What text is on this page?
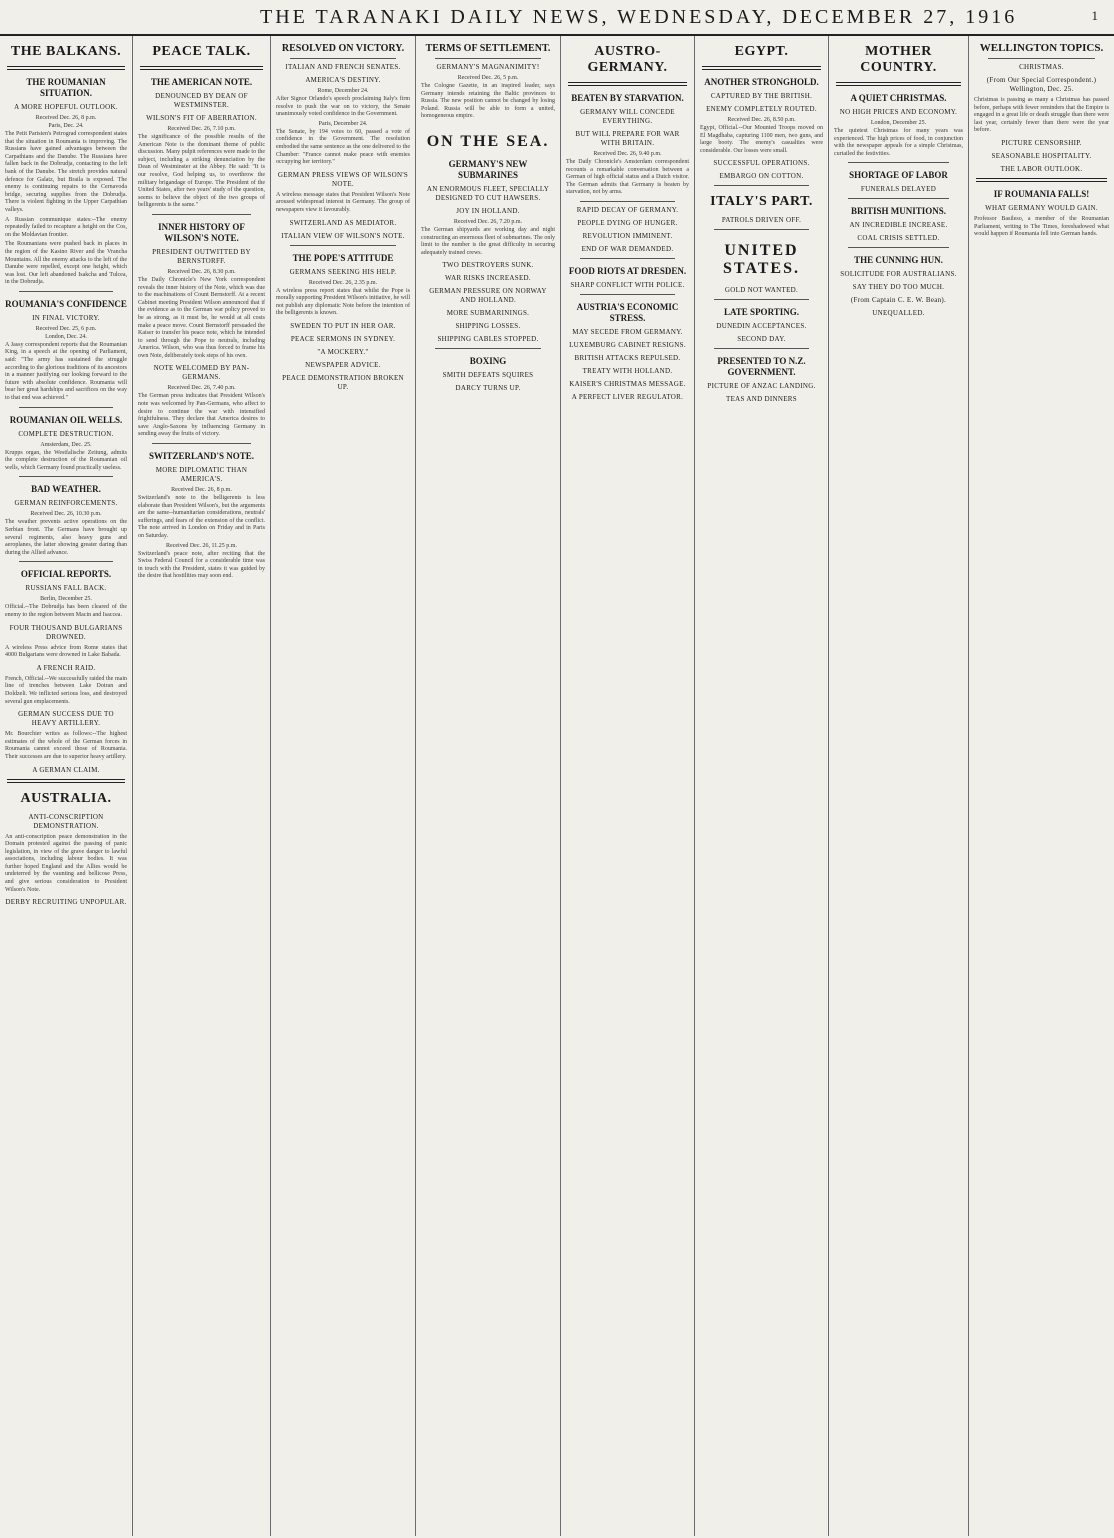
THE TARANAKI DAILY NEWS, WEDNESDAY, DECEMBER 27, 1916	1
THE BALKANS.
THE ROUMANIAN SITUATION.
A MORE HOPEFUL OUTLOOK.
Received Dec. 26, 8 p.m.
Paris, Dec. 24.

The Petit Parisien's Petrograd correspondent states that the situation in Roumania is improving. The Russians have gained advantages between the Carpathians and the Danube. The Russians have fallen back in the Dobrudja, contacting to the left bank of the Danube. The stretch provides natural defence for Galatz, but Braila is exposed. The enemy is continuing repairs to the Cernavoda bridge, securing supplies from the Dobrudja. There is violent fighting in the Upper Carpathian valleys.

A Russian communique states:--The enemy repeatedly failed to recapture a height on the Cos, on the Moldavian frontier.

The Roumanians were pushed back in places in the region of the Kasino River and the Vrancha Mountains. All the enemy attacks to the left of the Danube were repelled, except one height, which was lost. Our left abandoned Isakcha and Tulcea, in the Dobrudja.

ROUMANIA'S CONFIDENCE
IN FINAL VICTORY.
Received Dec. 25, 6 p.m.
London, Dec. 24.

A Jassy correspondent reports that the Roumanian King, in a speech at the opening of Parliament, said: "The army has sustained the struggle according to the glorious traditions of its ancestors in a manner justifying our looking forward to the future with absolute confidence. Roumania will bear her great hardships and sacrifices on the way to that end was achieved."

ROUMANIAN OIL WELLS.
COMPLETE DESTRUCTION.
Amsterdam, Dec. 25.

Krupps organ, the Westfalische Zeitung, admits the complete destruction of the Roumanian oil wells, which Germany found practically useless.

BAD WEATHER.
GERMAN REINFORCEMENTS.
Received Dec. 26, 10.30 p.m.

The weather prevents active operations on the Serbian front. The Germans have brought up several regiments, also heavy guns and aeroplanes, the latter showing greater daring than during the Allied advance.

OFFICIAL REPORTS.
RUSSIANS FALL BACK.
Berlin, December 25.

Official.--The Dobrudja has been cleared of the enemy to the region between Macin and Isaccea.

FOUR THOUSAND BULGARIANS DROWNED.

A wireless Press advice from Rome states that 4000 Bulgarians were drowned in Lake Babada.

A FRENCH RAID.

French, Official.--We successfully raided the main line of trenches between Lake Doiran and Doldzeli. We inflicted serious loss, and destroyed several gun emplacements.

GERMAN SUCCESS DUE TO HEAVY ARTILLERY.

Mr. Bourchier writes as follows:--The highest estimates of the whole of the German forces in Roumania cannot exceed those of Roumania. Their successes are due to superior heavy artillery.

A GERMAN CLAIM.
AUSTRALIA.
ANTI-CONSCRIPTION DEMONSTRATION.

An anti-conscription peace demonstration in the Domain protested against the passing of panic legislation, in view of the grave danger to lawful associations, including labour bodies. It was further hoped England and the Allies would be undeterred by the vaunting and bellicose Press, and give serious consideration to President Wilson's Note.

DERBY RECRUITING UNPOPULAR.
PEACE TALK.
THE AMERICAN NOTE.
DENOUNCED BY DEAN OF WESTMINSTER.
WILSON'S FIT OF ABERRATION.
Received Dec. 26, 7.10 p.m.

The significance of the possible results of the American Note is the dominant theme of public discussion. Many pulpit references were made to the subject, including a striking denunciation by the Dean of Westminster at the Abbey. He said: "It is our resolve, God helping us, to overthrow the military brigandage of Europe. The President of the United States, after two years' study of the question, seems to believe the object of the two groups of belligerents is the same."

INNER HISTORY OF WILSON'S NOTE.
PRESIDENT OUTWITTED BY BERNSTORFF.
Received Dec. 26, 8.30 p.m.

The Daily Chronicle's New York correspondent reveals the inner history of the Note, which was due to the machinations of Count Bernstorff. At a recent Cabinet meeting President Wilson announced that if the evidence as to the German war policy proved to be as strong, as it must be, he would at all costs make a peace move. Count Bernstorff persuaded the Kaiser to transfer his peace note, which he intended to send through the Pope to neutrals, including America. Wilson, who was thus forced to frame his own Note, deliberately took steps of his own.

NOTE WELCOMED BY PAN-GERMANS.
Received Dec. 26, 7.40 p.m.

The German press indicates that President Wilson's note was welcomed by Pan-Germans, who affect to desire to continue the war with intensified frightfulness. They declare that America desires to save Anglo-Saxons by influencing Germany in sending away the fruits of victory.

SWITZERLAND'S NOTE.
MORE DIPLOMATIC THAN AMERICA'S.
Received Dec. 26, 8 p.m.

Switzerland's note to the belligerents is less elaborate than President Wilson's, but the arguments are the same--humanitarian considerations, neutrals' sufferings, and fears of the extension of the conflict. The note arrived in London on Friday and in Paris on Saturday.

Received Dec. 26, 11.25 p.m.

Switzerland's peace note, after reciting that the Swiss Federal Council for a considerable time was in touch with the President, states it was guided by the desire that hostilities may soon end.

RESOLVED ON VICTORY.
ITALIAN AND FRENCH SENATES.
AMERICA'S DESTINY.
Rome, December 24.

After Signor Orlando's speech proclaiming Italy's firm resolve to push the war on to victory, the Senate unanimously voted confidence in the Government.

Paris, December 24.

The Senate, by 194 votes to 60, passed a vote of confidence in the Government. The resolution embodied the same sentence as the one delivered to the Chamber: "France cannot make peace with enemies occupying her territory."

GERMAN PRESS VIEWS OF WILSON'S NOTE.

A wireless message states that President Wilson's Note aroused widespread interest in Germany. The group of newspapers view it favourably.

SWITZERLAND AS MEDIATOR.
ITALIAN VIEW OF WILSON'S NOTE.
THE POPE'S ATTITUDE
GERMANS SEEKING HIS HELP.
Received Dec. 26, 2.35 p.m.

A wireless press report states that whilst the Pope is morally supporting President Wilson's initiative, he will not publish any diplomatic Note before the intention of the belligerents is known.

SWEDEN TO PUT IN HER OAR.
PEACE SERMONS IN SYDNEY.
"A MOCKERY."
NEWSPAPER ADVICE.
PEACE DEMONSTRATION BROKEN UP.
TERMS OF SETTLEMENT.
GERMANY'S MAGNANIMITY!
Received Dec. 26, 5 p.m.

The Cologne Gazette, in an inspired leader, says Germany intends retaining the Baltic provinces to Russia. The new position cannot be changed by losing Poland. Russia will be able to form a united, homogeneous empire.

ON THE SEA.
GERMANY'S NEW SUBMARINES
AN ENORMOUS FLEET, SPECIALLY DESIGNED TO CUT HAWSERS.
JOY IN HOLLAND.
Received Dec. 26, 7.20 p.m.

The German shipyards are working day and night constructing an enormous fleet of submarines. The only limit to the number is the great difficulty in securing adequately trained crews.

TWO DESTROYERS SUNK.
WAR RISKS INCREASED.
GERMAN PRESSURE ON NORWAY AND HOLLAND.
MORE SUBMARININGS.
SHIPPING LOSSES.
SHIPPING CABLES STOPPED.
BOXING
SMITH DEFEATS SQUIRES
DARCY TURNS UP.
AUSTRO-GERMANY.
BEATEN BY STARVATION.
GERMANY WILL CONCEDE EVERYTHING.
BUT WILL PREPARE FOR WAR WITH BRITAIN.
Received Dec. 26, 9.40 p.m.

The Daily Chronicle's Amsterdam correspondent recounts a remarkable conversation between a German of high official status and a Dutch visitor. The German admits that Germany is beaten by starvation, not by arms.

RAPID DECAY OF GERMANY.
PEOPLE DYING OF HUNGER.
REVOLUTION IMMINENT.
END OF WAR DEMANDED.
FOOD RIOTS AT DRESDEN.
SHARP CONFLICT WITH POLICE.
AUSTRIA'S ECONOMIC STRESS.
MAY SECEDE FROM GERMANY.
LUXEMBURG CABINET RESIGNS.
BRITISH ATTACKS REPULSED.
TREATY WITH HOLLAND.
KAISER'S CHRISTMAS MESSAGE.
A PERFECT LIVER REGULATOR.
EGYPT.
ANOTHER STRONGHOLD.
CAPTURED BY THE BRITISH.
ENEMY COMPLETELY ROUTED.
Received Dec. 26, 8.50 p.m.

Egypt, Official.--Our Mounted Troops moved on El Magdhaba, capturing 1100 men, two guns, and large booty. The enemy's casualties were considerable. Our losses were small.

SUCCESSFUL OPERATIONS.
EMBARGO ON COTTON.
ITALY'S PART.
PATROLS DRIVEN OFF.
UNITED STATES.
GOLD NOT WANTED.
LATE SPORTING.
DUNEDIN ACCEPTANCES.
SECOND DAY.
PRESENTED TO N.Z. GOVERNMENT.
PICTURE OF ANZAC LANDING.
TEAS AND DINNERS
MOTHER COUNTRY.
A QUIET CHRISTMAS.
NO HIGH PRICES AND ECONOMY.
London, December 25.

The quietest Christmas for many years was experienced. The high prices of food, in conjunction with the newspaper appeals for a simple Christmas, curtailed the festivities.

SHORTAGE OF LABOR
FUNERALS DELAYED
BRITISH MUNITIONS.
AN INCREDIBLE INCREASE.
COAL CRISIS SETTLED.
THE CUNNING HUN.
SOLICITUDE FOR AUSTRALIANS.
SAY THEY DO TOO MUCH.
(From Captain C. E. W. Bean).
UNEQUALLED.
WELLINGTON TOPICS.
CHRISTMAS.
(From Our Special Correspondent.) Wellington, Dec. 25.

Christmas is passing as many a Christmas has passed before, perhaps with fewer reminders that the Empire is engaged in a great life or death struggle than there were last year, certainly fewer than there were the year before.

PICTURE CENSORSHIP.
SEASONABLE HOSPITALITY.
THE LABOR OUTLOOK.
IF ROUMANIA FALLS!
WHAT GERMANY WOULD GAIN.

Professor Basileso, a member of the Roumanian Parliament, writing to The Times, foreshadowed what would happen if Roumania fell into German hands.
